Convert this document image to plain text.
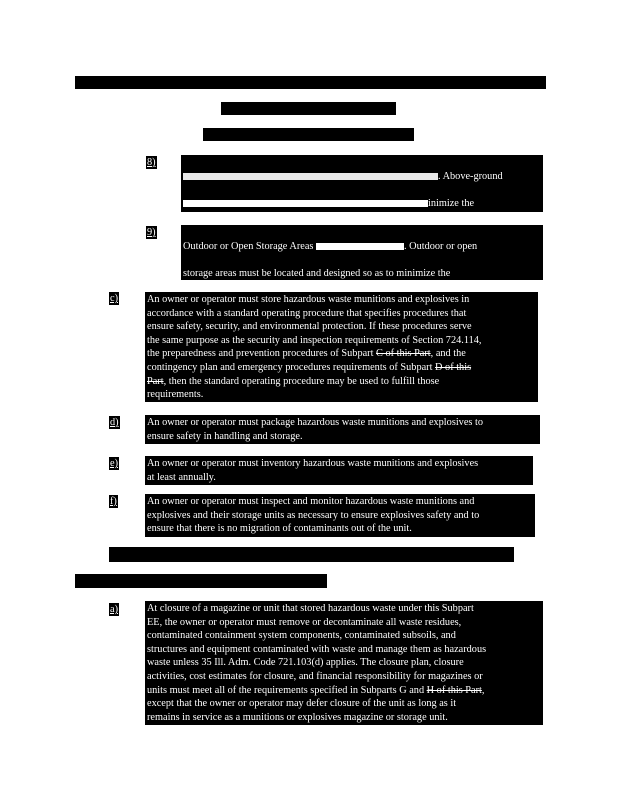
8)

. Above-ground

inimize the

9)

Outdoor or Open Storage Areas	. Outdoor or open

storage areas must be located and designed so as to minimize the

c)	An owner or operator must store hazardous waste munitions and explosives in
accordance with a standard operating procedure that specifies procedures that
ensure safety, security, and environmental protection. If these procedures serve
the same purpose as the security and inspection requirements of Section 724.114,
the preparedness and prevention procedures of Subpart C of this Part, and the
contingency plan and emergency procedures requirements of Subpart D of this
Part, then the standard operating procedure may be used to fulfill those
requirements.
d)	An owner or operator must package hazardous waste munitions and explosives to
ensure safety in handling and storage.
e)	An owner or operator must inventory hazardous waste munitions and explosives
at least annually.
f)	An owner or operator must inspect and monitor hazardous waste munitions and
explosives and their storage units as necessary to ensure explosives safety and to
ensure that there is no migration of contaminants out of the unit.

a)	At closure of a magazine or unit that stored hazardous waste under this Subpart
EE, the owner or operator must remove or decontaminate all waste residues,
contaminated containment system components, contaminated subsoils, and
structures and equipment contaminated with waste and manage them as hazardous
waste unless 35 Ill. Adm. Code 721.103(d) applies. The closure plan, closure
activities, cost estimates for closure, and financial responsibility for magazines or
units must meet all of the requirements specified in Subparts G and H of this Part,
except that the owner or operator may defer closure of the unit as long as it
remains in service as a munitions or explosives magazine or storage unit.
